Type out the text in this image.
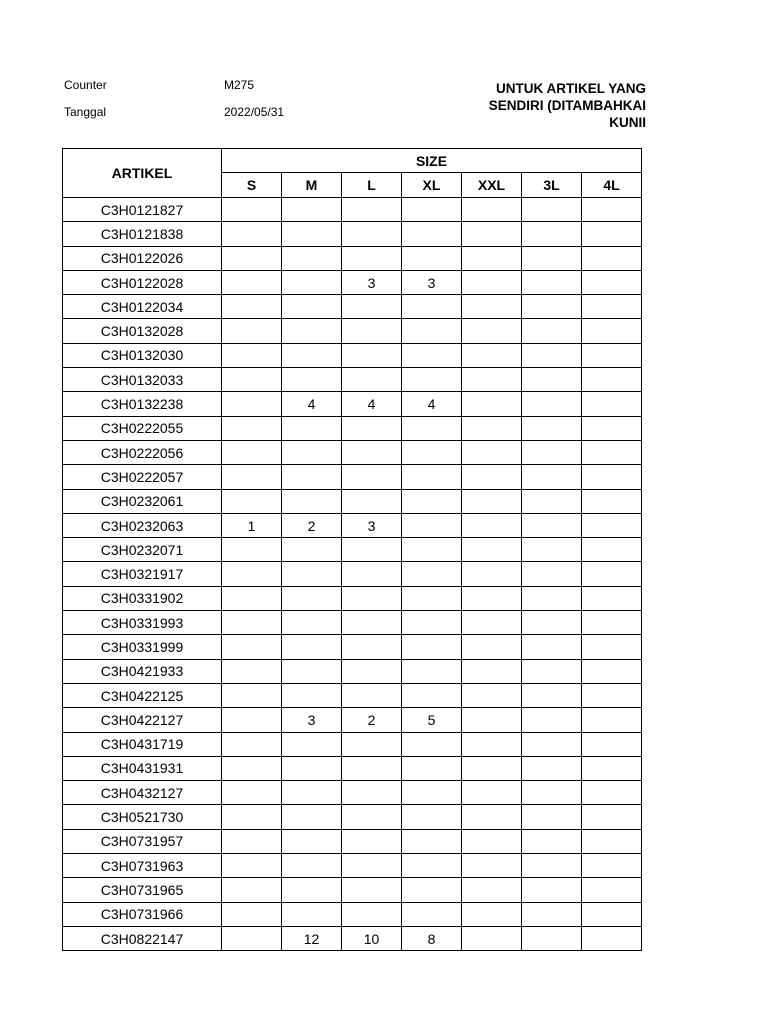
Counter	M275
Tanggal	2022/05/31
UNTUK ARTIKEL YANG
SENDIRI (DITAMBAHKAI
KUNII
ARTIKEL	SIZE						
	S	M	L	XL	XXL	3L	4L
C3H0121827							
C3H0121838							
C3H0122026							
C3H0122028			3	3			
C3H0122034							
C3H0132028							
C3H0132030							
C3H0132033							
C3H0132238		4	4	4			
C3H0222055							
C3H0222056							
C3H0222057							
C3H0232061							
C3H0232063	1	2	3				
C3H0232071							
C3H0321917							
C3H0331902							
C3H0331993							
C3H0331999							
C3H0421933							
C3H0422125							
C3H0422127		3	2	5			
C3H0431719							
C3H0431931							
C3H0432127							
C3H0521730							
C3H0731957							
C3H0731963							
C3H0731965							
C3H0731966							
C3H0822147		12	10	8			
